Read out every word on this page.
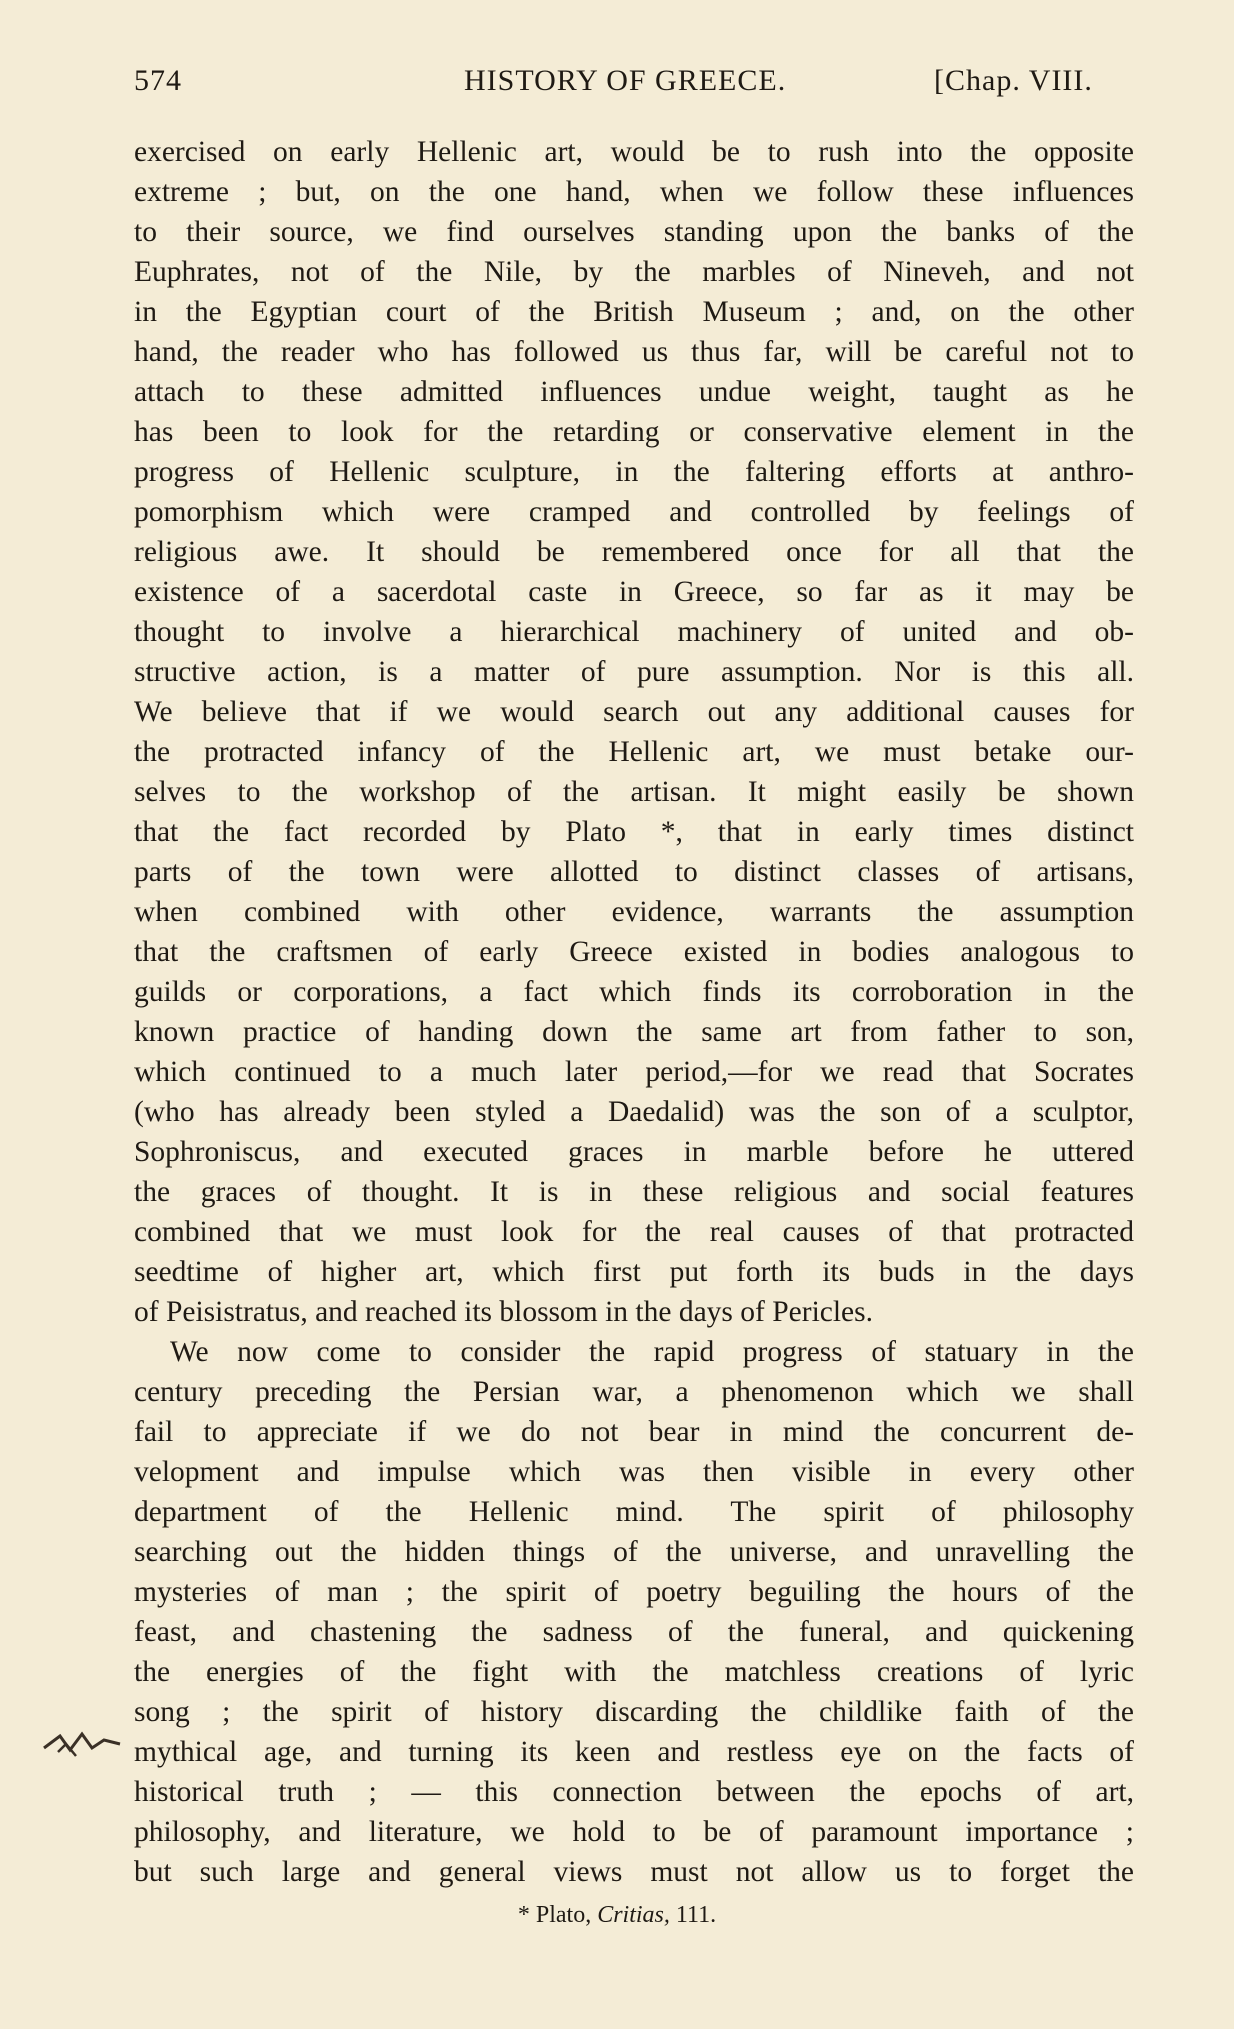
574	HISTORY OF GREECE.	[Chap. VIII.
exercised on early Hellenic art, would be to rush into the opposite
extreme ; but, on the one hand, when we follow these influences
to their source, we find ourselves standing upon the banks of the
Euphrates, not of the Nile, by the marbles of Nineveh, and not
in the Egyptian court of the British Museum ; and, on the other
hand, the reader who has followed us thus far, will be careful not to
attach to these admitted influences undue weight, taught as he
has been to look for the retarding or conservative element in the
progress of Hellenic sculpture, in the faltering efforts at anthro-
pomorphism which were cramped and controlled by feelings of
religious awe. It should be remembered once for all that the
existence of a sacerdotal caste in Greece, so far as it may be
thought to involve a hierarchical machinery of united and ob-
structive action, is a matter of pure assumption. Nor is this all.
We believe that if we would search out any additional causes for
the protracted infancy of the Hellenic art, we must betake our-
selves to the workshop of the artisan. It might easily be shown
that the fact recorded by Plato *, that in early times distinct
parts of the town were allotted to distinct classes of artisans,
when combined with other evidence, warrants the assumption
that the craftsmen of early Greece existed in bodies analogous to
guilds or corporations, a fact which finds its corroboration in the
known practice of handing down the same art from father to son,
which continued to a much later period,—for we read that Socrates
(who has already been styled a Daedalid) was the son of a sculptor,
Sophroniscus, and executed graces in marble before he uttered
the graces of thought. It is in these religious and social features
combined that we must look for the real causes of that protracted
seedtime of higher art, which first put forth its buds in the days
of Peisistratus, and reached its blossom in the days of Pericles.
We now come to consider the rapid progress of statuary in the
century preceding the Persian war, a phenomenon which we shall
fail to appreciate if we do not bear in mind the concurrent de-
velopment and impulse which was then visible in every other
department of the Hellenic mind. The spirit of philosophy
searching out the hidden things of the universe, and unravelling the
mysteries of man ; the spirit of poetry beguiling the hours of the
feast, and chastening the sadness of the funeral, and quickening
the energies of the fight with the matchless creations of lyric
song ; the spirit of history discarding the childlike faith of the
mythical age, and turning its keen and restless eye on the facts of
historical truth ; — this connection between the epochs of art,
philosophy, and literature, we hold to be of paramount importance ;
but such large and general views must not allow us to forget the
* Plato, Critias, 111.
